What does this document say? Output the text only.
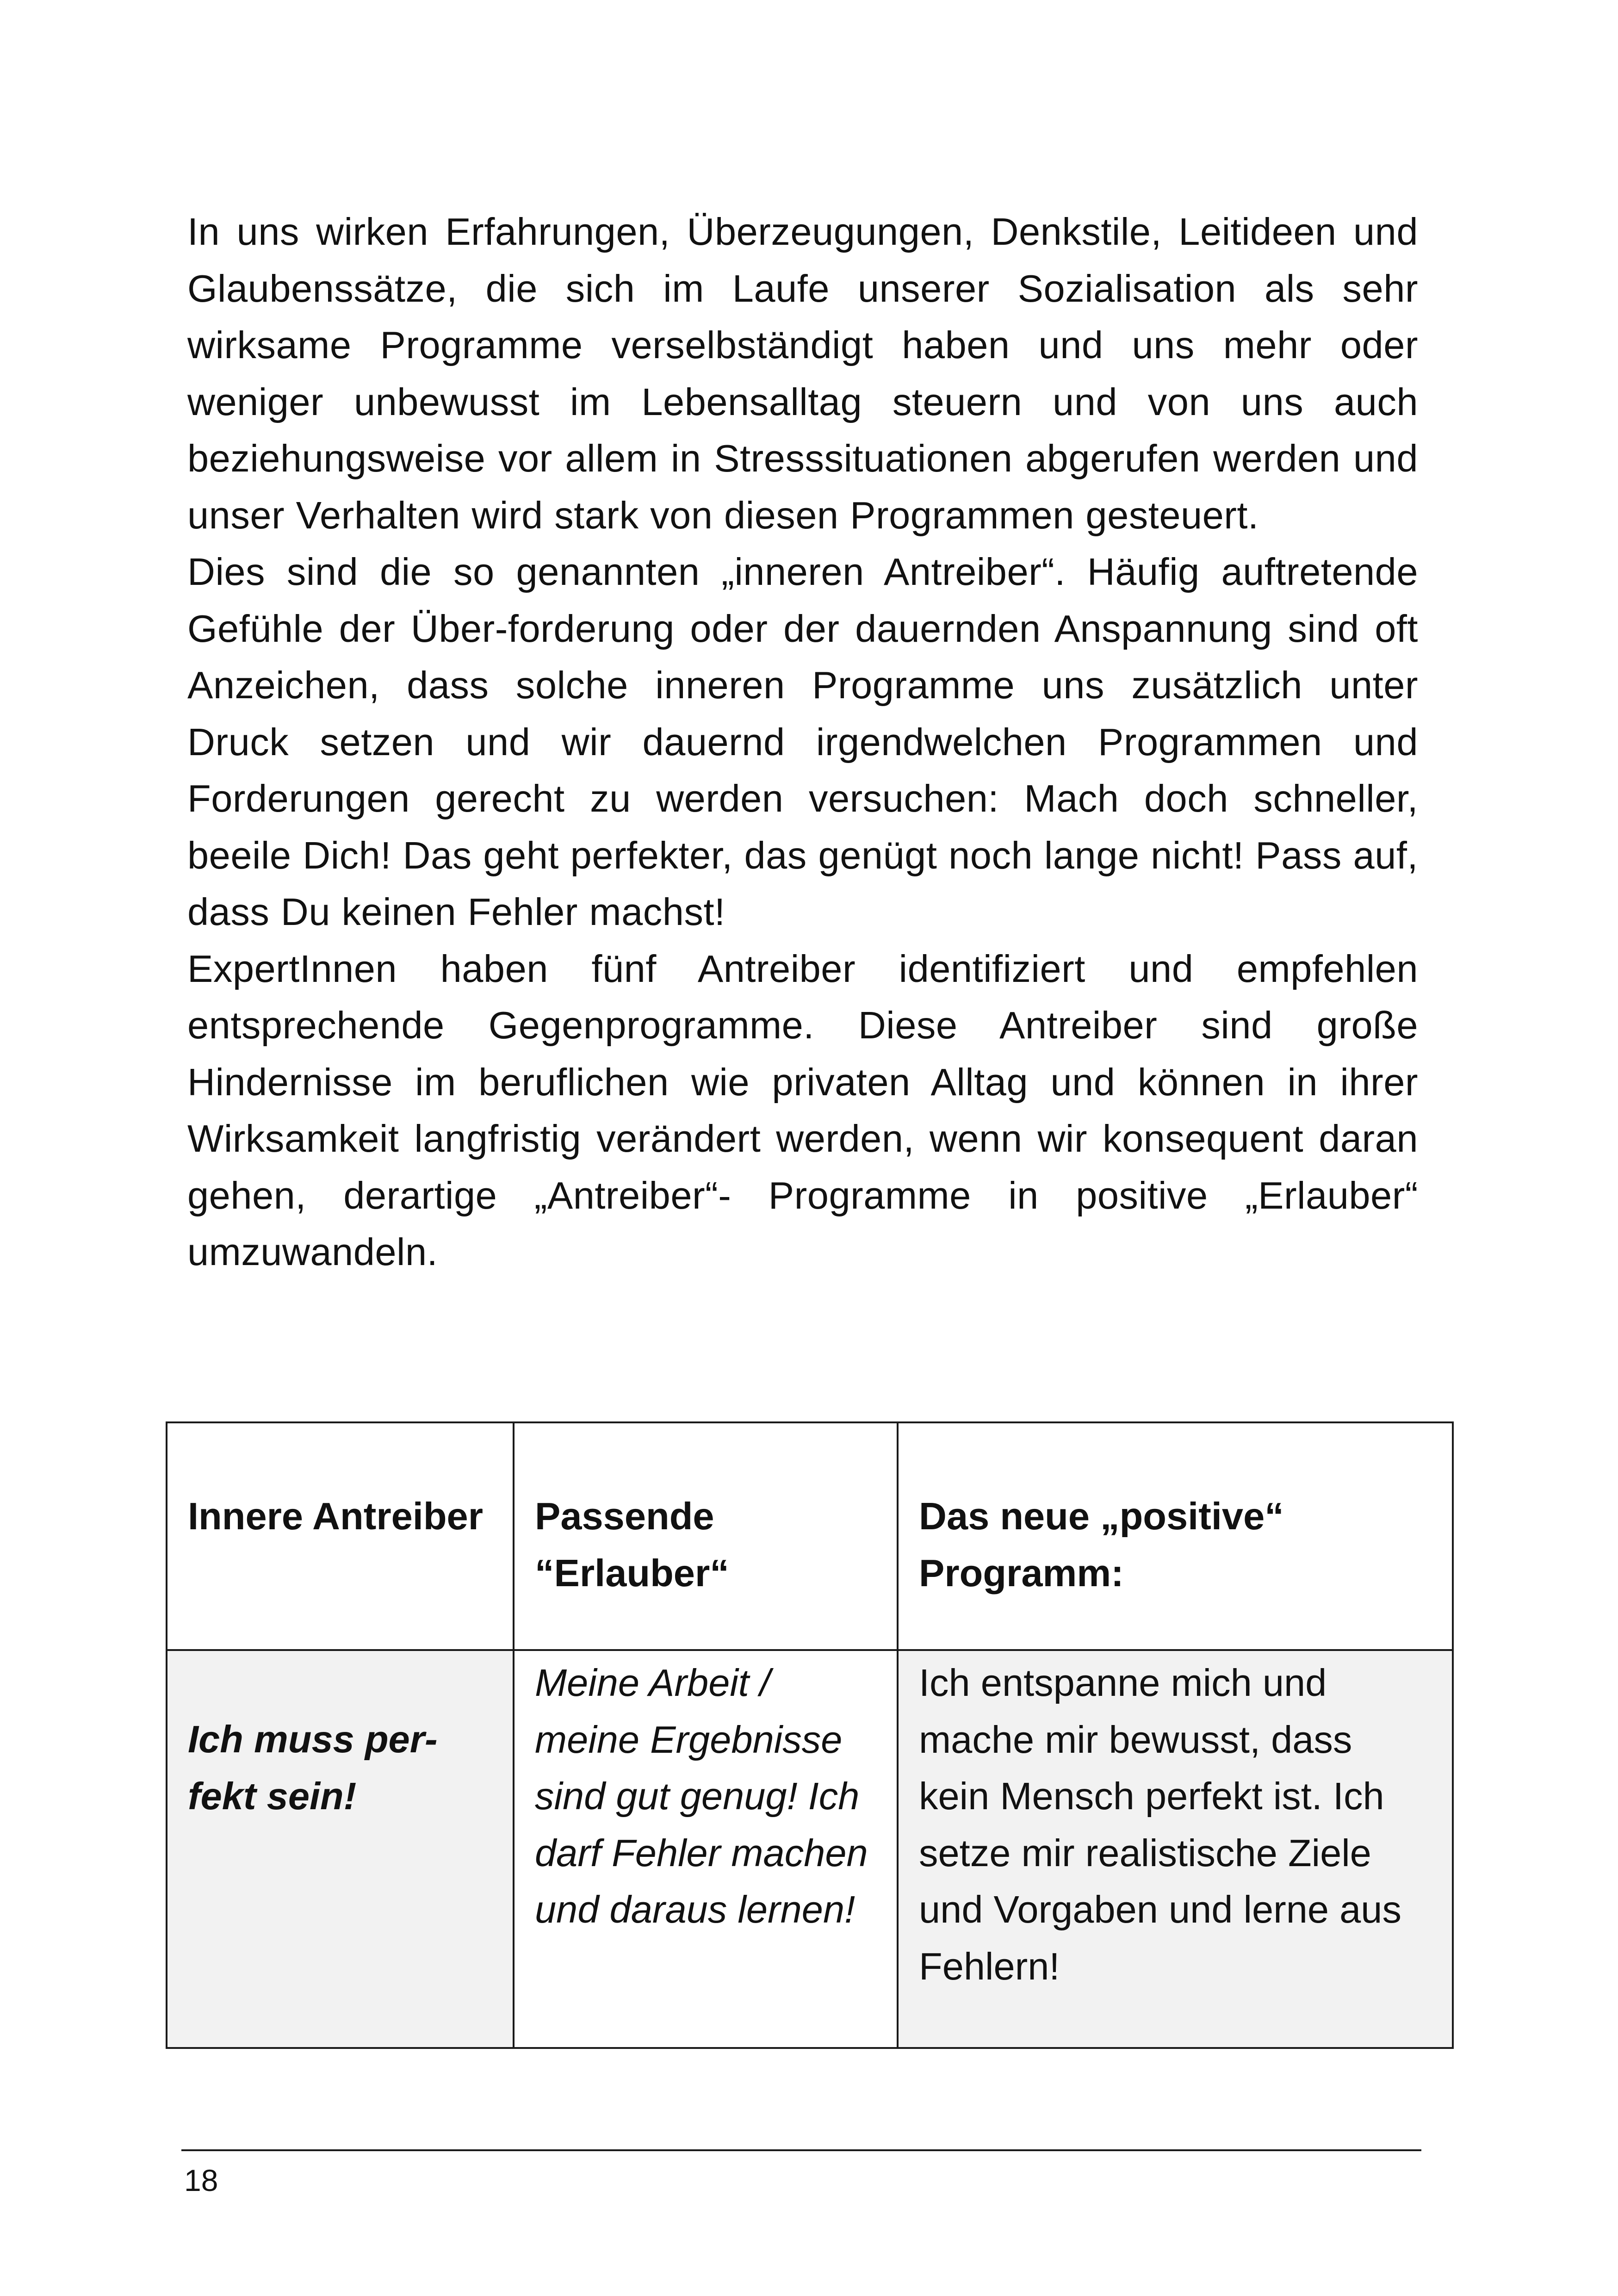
In uns wirken Erfahrungen, Überzeugungen, Denkstile, Leitideen und Glaubenssätze, die sich im Laufe unserer Sozialisation als sehr wirksame Programme verselbständigt haben und uns mehr oder weniger unbewusst im Lebensalltag steuern und von uns auch beziehungsweise vor allem in Stresssituationen abgerufen werden und unser Verhalten wird stark von diesen Programmen gesteuert.

Dies sind die so genannten „inneren Antreiber“. Häufig auftretende Gefühle der Über-forderung oder der dauernden Anspannung sind oft Anzeichen, dass solche inneren Programme uns zusätzlich unter Druck setzen und wir dauernd irgendwelchen Programmen und Forderungen gerecht zu werden versuchen: Mach doch schneller, beeile Dich! Das geht perfekter, das genügt noch lange nicht! Pass auf, dass Du keinen Fehler machst!

ExpertInnen haben fünf Antreiber identifiziert und empfehlen entsprechende Gegenprogramme. Diese Antreiber sind große Hindernisse im beruflichen wie privaten Alltag und können in ihrer Wirksamkeit langfristig verändert werden, wenn wir konsequent daran gehen, derartige „Antreiber“- Programme in positive „Erlauber“ umzuwandeln.

Innere Antreiber	Passende “Erlauber“	Das neue „positive“ Programm:
Ich muss perfekt sein!	Meine Arbeit / meine Ergebnisse sind gut genug! Ich darf Fehler machen und daraus lernen!	Ich entspanne mich und mache mir bewusst, dass kein Mensch perfekt ist. Ich setze mir realistische Ziele und Vorgaben und lerne aus Fehlern!
18
